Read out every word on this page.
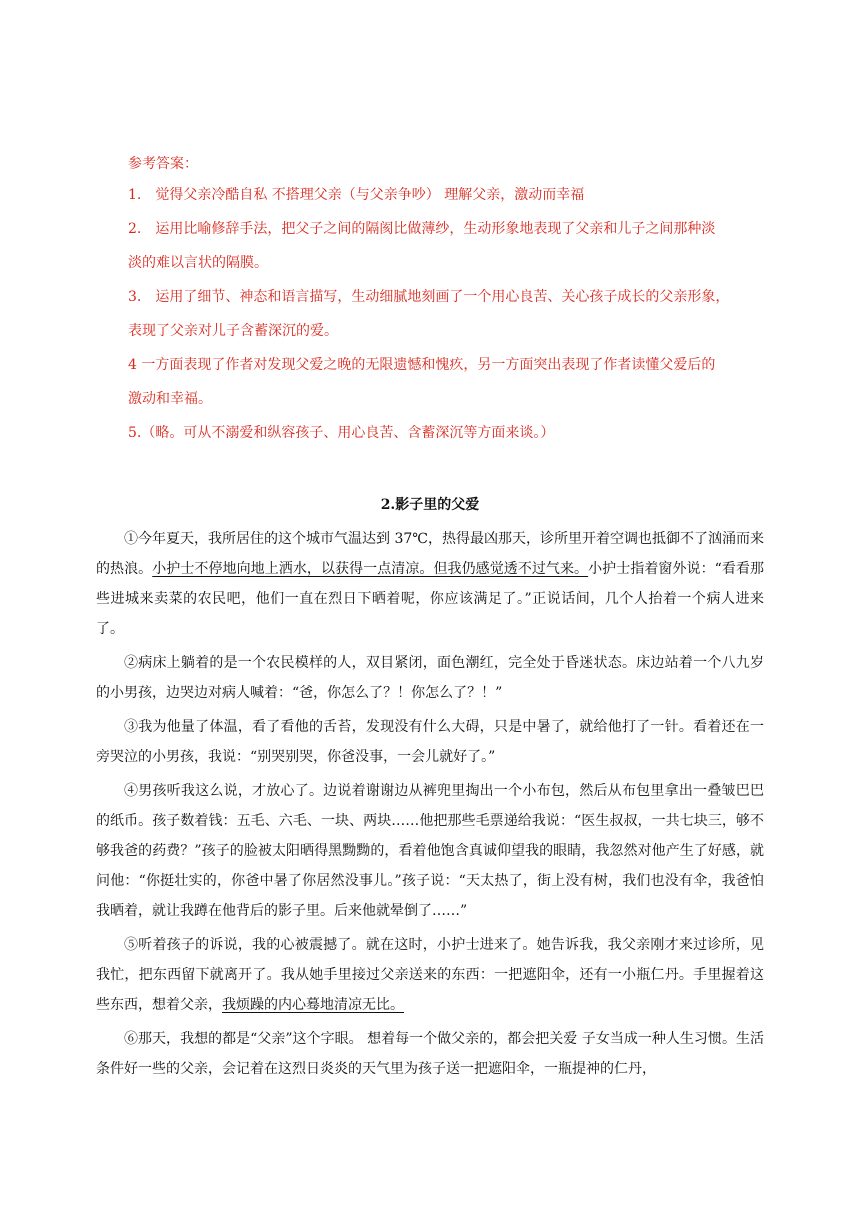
参考答案：

1. 觉得父亲冷酷自私 不搭理父亲（与父亲争吵） 理解父亲，激动而幸福

2. 运用比喻修辞手法，把父子之间的隔阂比做薄纱，生动形象地表现了父亲和儿子之间那种淡

淡的难以言状的隔膜。

3. 运用了细节、神态和语言描写，生动细腻地刻画了一个用心良苦、关心孩子成长的父亲形象，

表现了父亲对儿子含蓄深沉的爱。

4 一方面表现了作者对发现父爱之晚的无限遗憾和愧疚，另一方面突出表现了作者读懂父爱后的

激动和幸福。

5.（略。可从不溺爱和纵容孩子、用心良苦、含蓄深沉等方面来谈。）

2.影子里的父爱

①今年夏天，我所居住的这个城市气温达到 37℃，热得最凶那天，诊所里开着空调也抵御不了汹涌而来的热浪。小护士不停地向地上洒水，以获得一点清凉。但我仍感觉透不过气来。小护士指着窗外说：“看看那些进城来卖菜的农民吧，他们一直在烈日下晒着呢，你应该满足了。”正说话间，几个人抬着一个病人进来了。

②病床上躺着的是一个农民模样的人，双目紧闭，面色潮红，完全处于昏迷状态。床边站着一个八九岁的小男孩，边哭边对病人喊着：“爸，你怎么了？！你怎么了？！”

③我为他量了体温，看了看他的舌苔，发现没有什么大碍，只是中暑了，就给他打了一针。看着还在一旁哭泣的小男孩，我说：“别哭别哭，你爸没事，一会儿就好了。”

④男孩听我这么说，才放心了。边说着谢谢边从裤兜里掏出一个小布包，然后从布包里拿出一叠皱巴巴的纸币。孩子数着钱：五毛、六毛、一块、两块……他把那些毛票递给我说：“医生叔叔，一共七块三，够不够我爸的药费？”孩子的脸被太阳晒得黑黝黝的，看着他饱含真诚仰望我的眼睛，我忽然对他产生了好感，就问他：“你挺壮实的，你爸中暑了你居然没事儿。”孩子说：“天太热了，街上没有树，我们也没有伞，我爸怕我晒着，就让我蹲在他背后的影子里。后来他就晕倒了……”

⑤听着孩子的诉说，我的心被震撼了。就在这时，小护士进来了。她告诉我，我父亲刚才来过诊所，见我忙，把东西留下就离开了。我从她手里接过父亲送来的东西：一把遮阳伞，还有一小瓶仁丹。手里握着这些东西，想着父亲，我烦躁的内心蓦地清凉无比。

⑥那天，我想的都是“父亲”这个字眼。 想着每一个做父亲的，都会把关爱 子女当成一种人生习惯。生活条件好一些的父亲，会记着在这烈日炎炎的天气里为孩子送一把遮阳伞，一瓶提神的仁丹，
